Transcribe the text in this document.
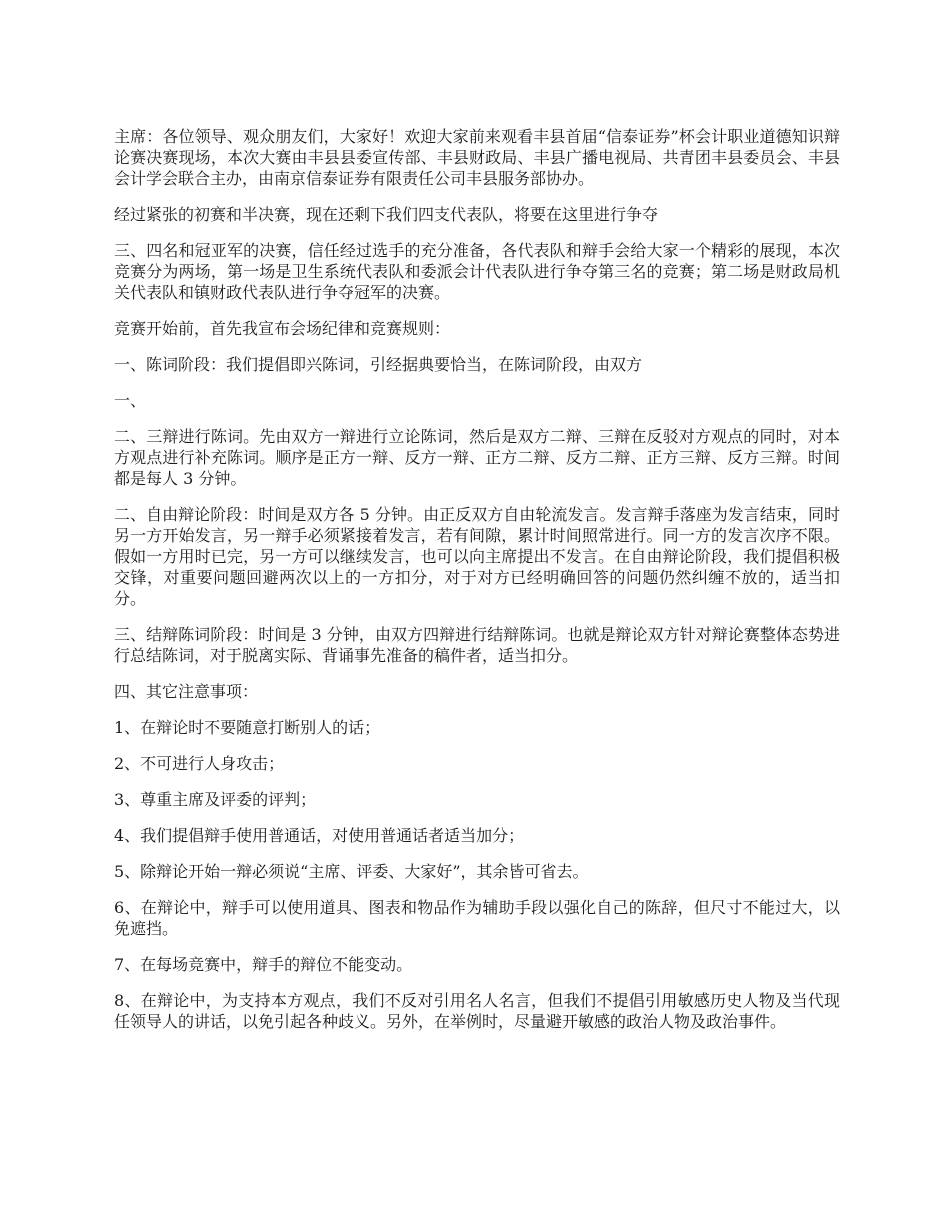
主席：各位领导、观众朋友们，大家好！欢迎大家前来观看丰县首届“信泰证券”杯会计职业道德知识辩论赛决赛现场，本次大赛由丰县县委宣传部、丰县财政局、丰县广播电视局、共青团丰县委员会、丰县会计学会联合主办，由南京信泰证券有限责任公司丰县服务部协办。

经过紧张的初赛和半决赛，现在还剩下我们四支代表队，将要在这里进行争夺

三、四名和冠亚军的决赛，信任经过选手的充分准备，各代表队和辩手会给大家一个精彩的展现，本次竞赛分为两场，第一场是卫生系统代表队和委派会计代表队进行争夺第三名的竞赛；第二场是财政局机关代表队和镇财政代表队进行争夺冠军的决赛。

竞赛开始前，首先我宣布会场纪律和竞赛规则：

一、陈词阶段：我们提倡即兴陈词，引经据典要恰当，在陈词阶段，由双方

一、

二、三辩进行陈词。先由双方一辩进行立论陈词，然后是双方二辩、三辩在反驳对方观点的同时，对本方观点进行补充陈词。顺序是正方一辩、反方一辩、正方二辩、反方二辩、正方三辩、反方三辩。时间都是每人 3 分钟。

二、自由辩论阶段：时间是双方各 5 分钟。由正反双方自由轮流发言。发言辩手落座为发言结束，同时另一方开始发言，另一辩手必须紧接着发言，若有间隙，累计时间照常进行。同一方的发言次序不限。假如一方用时已完，另一方可以继续发言，也可以向主席提出不发言。在自由辩论阶段，我们提倡积极交锋，对重要问题回避两次以上的一方扣分，对于对方已经明确回答的问题仍然纠缠不放的，适当扣分。

三、结辩陈词阶段：时间是 3 分钟，由双方四辩进行结辩陈词。也就是辩论双方针对辩论赛整体态势进行总结陈词，对于脱离实际、背诵事先准备的稿件者，适当扣分。

四、其它注意事项：

1、在辩论时不要随意打断别人的话；

2、不可进行人身攻击；

3、尊重主席及评委的评判；

4、我们提倡辩手使用普通话，对使用普通话者适当加分；

5、除辩论开始一辩必须说“主席、评委、大家好”，其余皆可省去。

6、在辩论中，辩手可以使用道具、图表和物品作为辅助手段以强化自己的陈辞，但尺寸不能过大，以免遮挡。

7、在每场竞赛中，辩手的辩位不能变动。

8、在辩论中，为支持本方观点，我们不反对引用名人名言，但我们不提倡引用敏感历史人物及当代现任领导人的讲话，以免引起各种歧义。另外，在举例时，尽量避开敏感的政治人物及政治事件。
